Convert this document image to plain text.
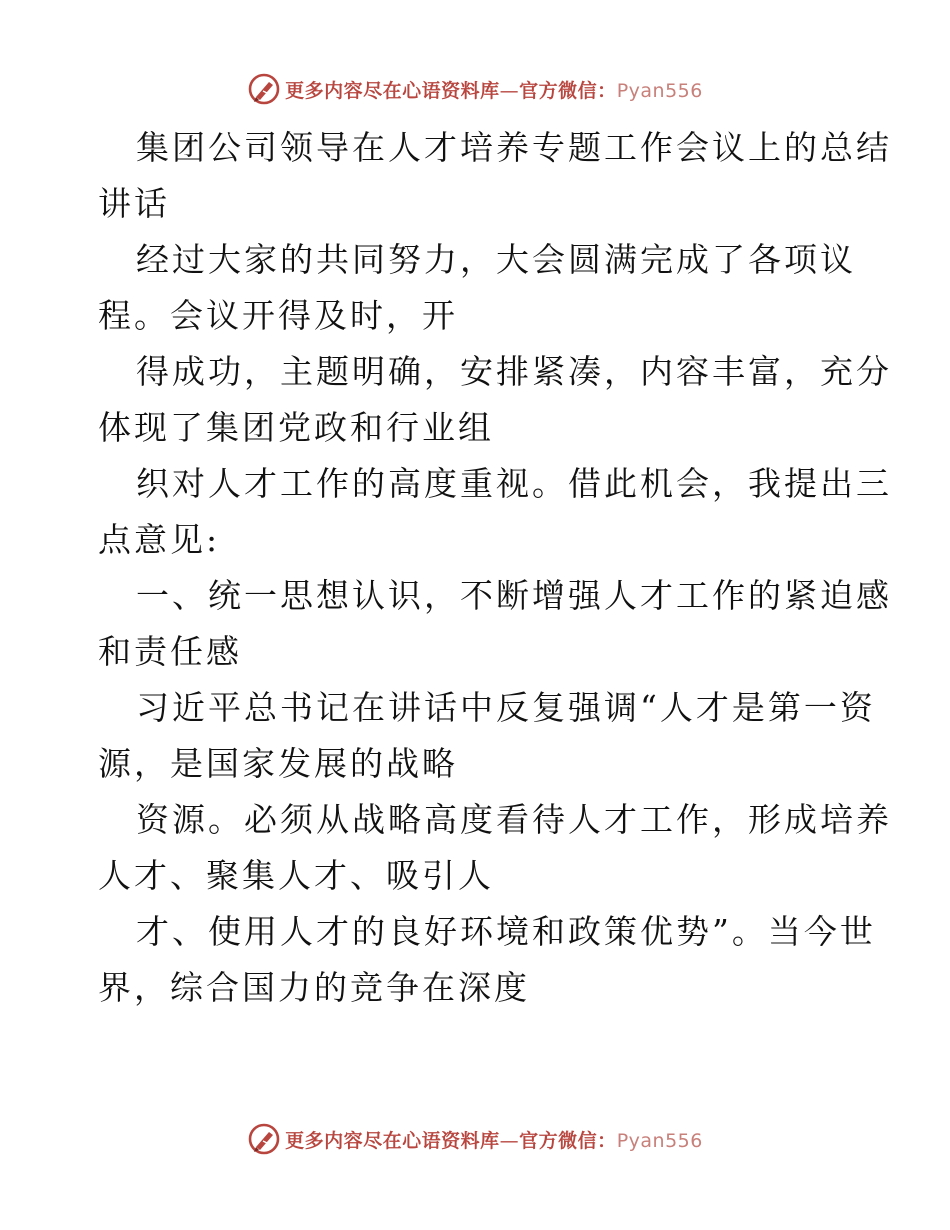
更多内容尽在心语资料库—官方微信：Pyan556
集团公司领导在人才培养专题工作会议上的总结
讲话
经过大家的共同努力，大会圆满完成了各项议
程。会议开得及时，开
得成功，主题明确，安排紧凑，内容丰富，充分
体现了集团党政和行业组
织对人才工作的高度重视。借此机会，我提出三
点意见:
一、统一思想认识，不断增强人才工作的紧迫感
和责任感
习近平总书记在讲话中反复强调“人才是第一资
源，是国家发展的战略
资源。必须从战略高度看待人才工作，形成培养
人才、聚集人才、吸引人
才、使用人才的良好环境和政策优势”。当今世
界，综合国力的竞争在深度
更多内容尽在心语资料库—官方微信：Pyan556
